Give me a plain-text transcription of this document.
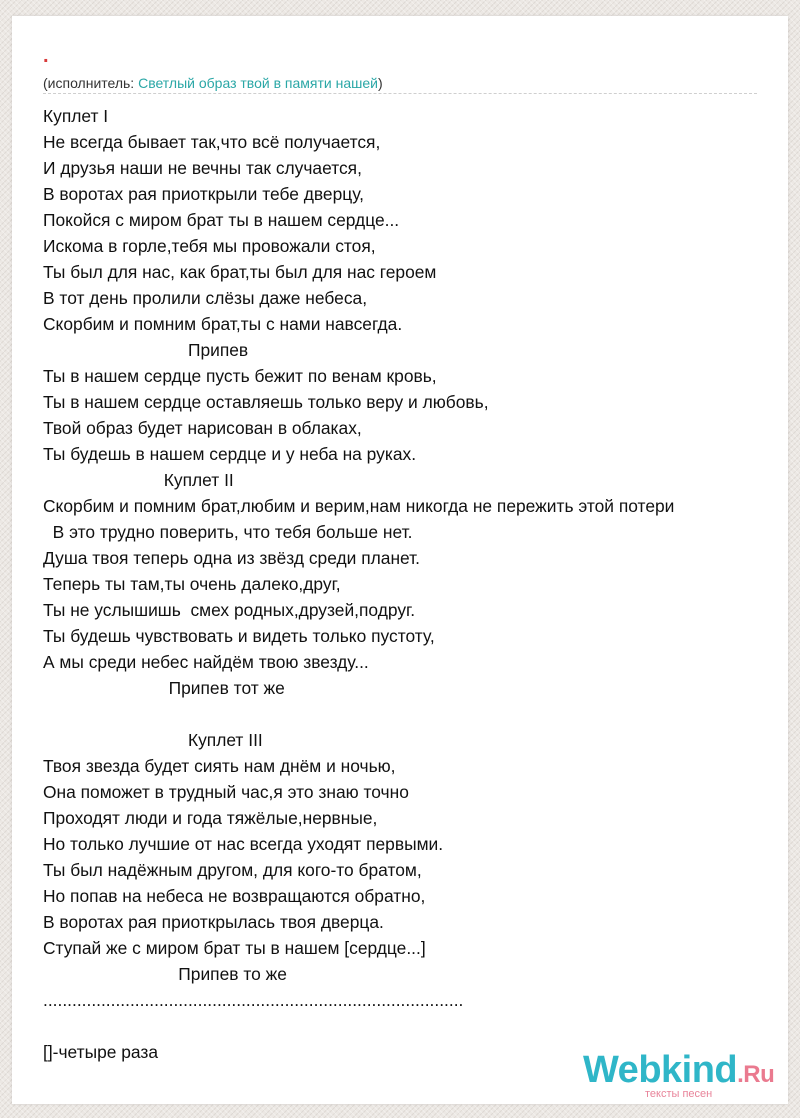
.
(исполнитель: Светлый образ твой в памяти нашей)
Куплет I
Не всегда бывает так,что всё получается,
И друзья наши не вечны так случается,
В воротах рая приоткрыли тебе дверцу,
Покойся с миром брат ты в нашем сердце...
Искома в горле,тебя мы провожали стоя,
Ты был для нас, как брат,ты был для нас героем
В тот день пролили слёзы даже небеса,
Скорбим и помним брат,ты с нами навсегда.
Припев
Ты в нашем сердце пусть бежит по венам кровь,
Ты в нашем сердце оставляешь только веру и любовь,
Твой образ будет нарисован в облаках,
Ты будешь в нашем сердце и у неба на руках.
Куплет II
Скорбим и помним брат,любим и верим,нам никогда не пережить этой потери
В это трудно поверить, что тебя больше нет.
Душа твоя теперь одна из звёзд среди планет.
Теперь ты там,ты очень далеко,друг,
Ты не услышишь  смех родных,друзей,подруг.
Ты будешь чувствовать и видеть только пустоту,
А мы среди небес найдём твою звезду...
Припев тот же
Куплет III
Твоя звезда будет сиять нам днём и ночью,
Она поможет в трудный час,я это знаю точно
Проходят люди и года тяжёлые,нервные,
Но только лучшие от нас всегда уходят первыми.
Ты был надёжным другом, для кого-то братом,
Но попав на небеса не возвращаются обратно,
В воротах рая приоткрылась твоя дверца.
Ступай же с миром брат ты в нашем [сердце...]
Припев то же
.......................................................................................
[]-четыре раза	Webkind.Ru
тексты песен
